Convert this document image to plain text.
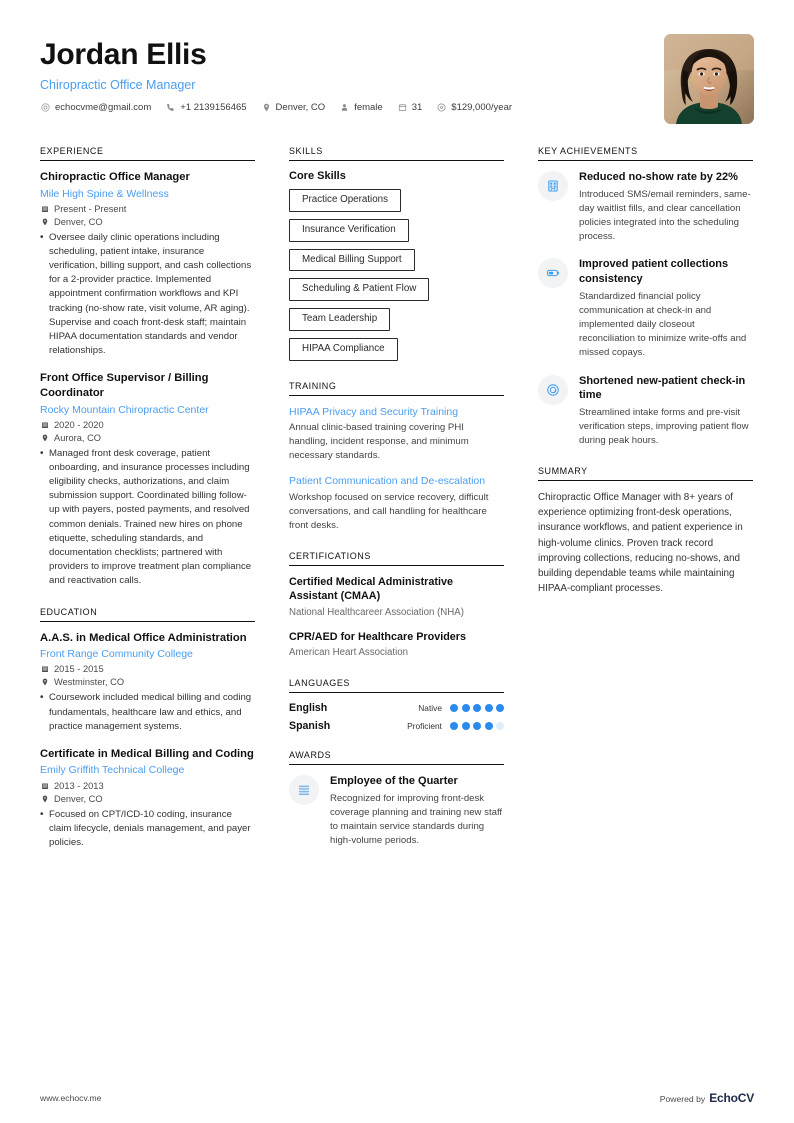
Jordan Ellis
Chiropractic Office Manager
echocvme@gmail.com	+1 2139156465	Denver, CO	female	31	$129,000/year
EXPERIENCE
Chiropractic Office Manager
Mile High Spine & Wellness
Present - Present
Denver, CO
• Oversee daily clinic operations including scheduling, patient intake, insurance verification, billing support, and cash collections for a 2-provider practice. Implemented appointment confirmation workflows and KPI tracking (no-show rate, visit volume, AR aging). Supervise and coach front-desk staff; maintain HIPAA documentation standards and vendor relationships.
Front Office Supervisor / Billing Coordinator
Rocky Mountain Chiropractic Center
2020 - 2020
Aurora, CO
• Managed front desk coverage, patient onboarding, and insurance processes including eligibility checks, authorizations, and claim submission support. Coordinated billing follow-up with payers, posted payments, and resolved common denials. Trained new hires on phone etiquette, scheduling standards, and documentation checklists; partnered with providers to improve treatment plan compliance and reactivation calls.
EDUCATION
A.A.S. in Medical Office Administration
Front Range Community College
2015 - 2015
Westminster, CO
• Coursework included medical billing and coding fundamentals, healthcare law and ethics, and practice management systems.
Certificate in Medical Billing and Coding
Emily Griffith Technical College
2013 - 2013
Denver, CO
• Focused on CPT/ICD-10 coding, insurance claim lifecycle, denials management, and payer policies.
SKILLS
Core Skills
Practice Operations
Insurance Verification
Medical Billing Support
Scheduling & Patient Flow
Team Leadership
HIPAA Compliance
TRAINING
HIPAA Privacy and Security Training
Annual clinic-based training covering PHI handling, incident response, and minimum necessary standards.
Patient Communication and De-escalation
Workshop focused on service recovery, difficult conversations, and call handling for healthcare front desks.
CERTIFICATIONS
Certified Medical Administrative Assistant (CMAA)
National Healthcareer Association (NHA)
CPR/AED for Healthcare Providers
American Heart Association
LANGUAGES
English	Native
Spanish	Proficient
AWARDS
Employee of the Quarter
Recognized for improving front-desk coverage planning and training new staff to maintain service standards during high-volume periods.
KEY ACHIEVEMENTS
Reduced no-show rate by 22%
Introduced SMS/email reminders, same-day waitlist fills, and clear cancellation policies integrated into the scheduling process.
Improved patient collections consistency
Standardized financial policy communication at check-in and implemented daily closeout reconciliation to minimize write-offs and missed copays.
Shortened new-patient check-in time
Streamlined intake forms and pre-visit verification steps, improving patient flow during peak hours.
SUMMARY
Chiropractic Office Manager with 8+ years of experience optimizing front-desk operations, insurance workflows, and patient experience in high-volume clinics. Proven track record improving collections, reducing no-shows, and building dependable teams while maintaining HIPAA-compliant processes.
www.echocv.me	Powered by EchoCV
